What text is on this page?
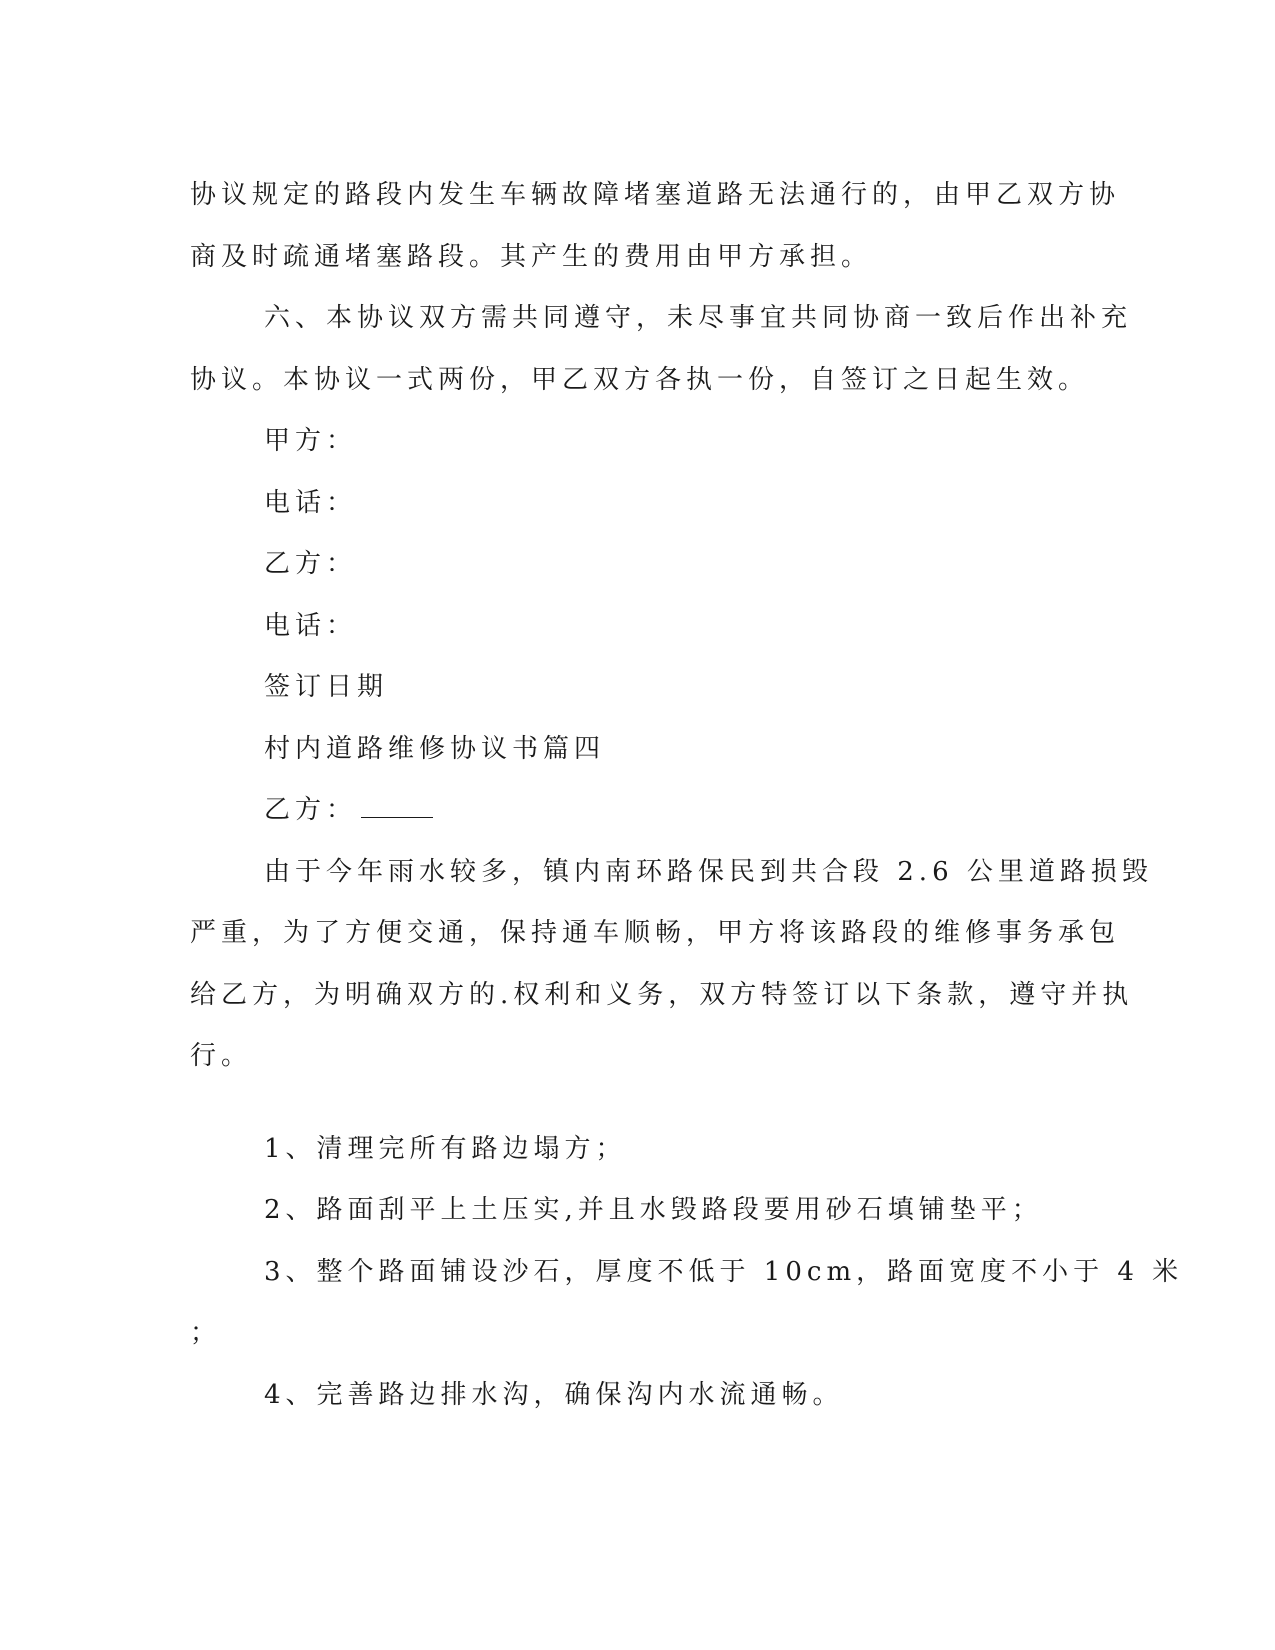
协议规定的路段内发生车辆故障堵塞道路无法通行的，由甲乙双方协
商及时疏通堵塞路段。其产生的费用由甲方承担。
六、本协议双方需共同遵守，未尽事宜共同协商一致后作出补充
协议。本协议一式两份，甲乙双方各执一份，自签订之日起生效。
甲方：
电话：
乙方：
电话：
签订日期
村内道路维修协议书篇四
乙方：
由于今年雨水较多，镇内南环路保民到共合段 2.6 公里道路损毁
严重，为了方便交通，保持通车顺畅，甲方将该路段的维修事务承包
给乙方，为明确双方的.权利和义务，双方特签订以下条款，遵守并执
行。
1、清理完所有路边塌方；
2、路面刮平上土压实,并且水毁路段要用砂石填铺垫平；
3、整个路面铺设沙石，厚度不低于 10cm，路面宽度不小于 4 米
；
4、完善路边排水沟，确保沟内水流通畅。
